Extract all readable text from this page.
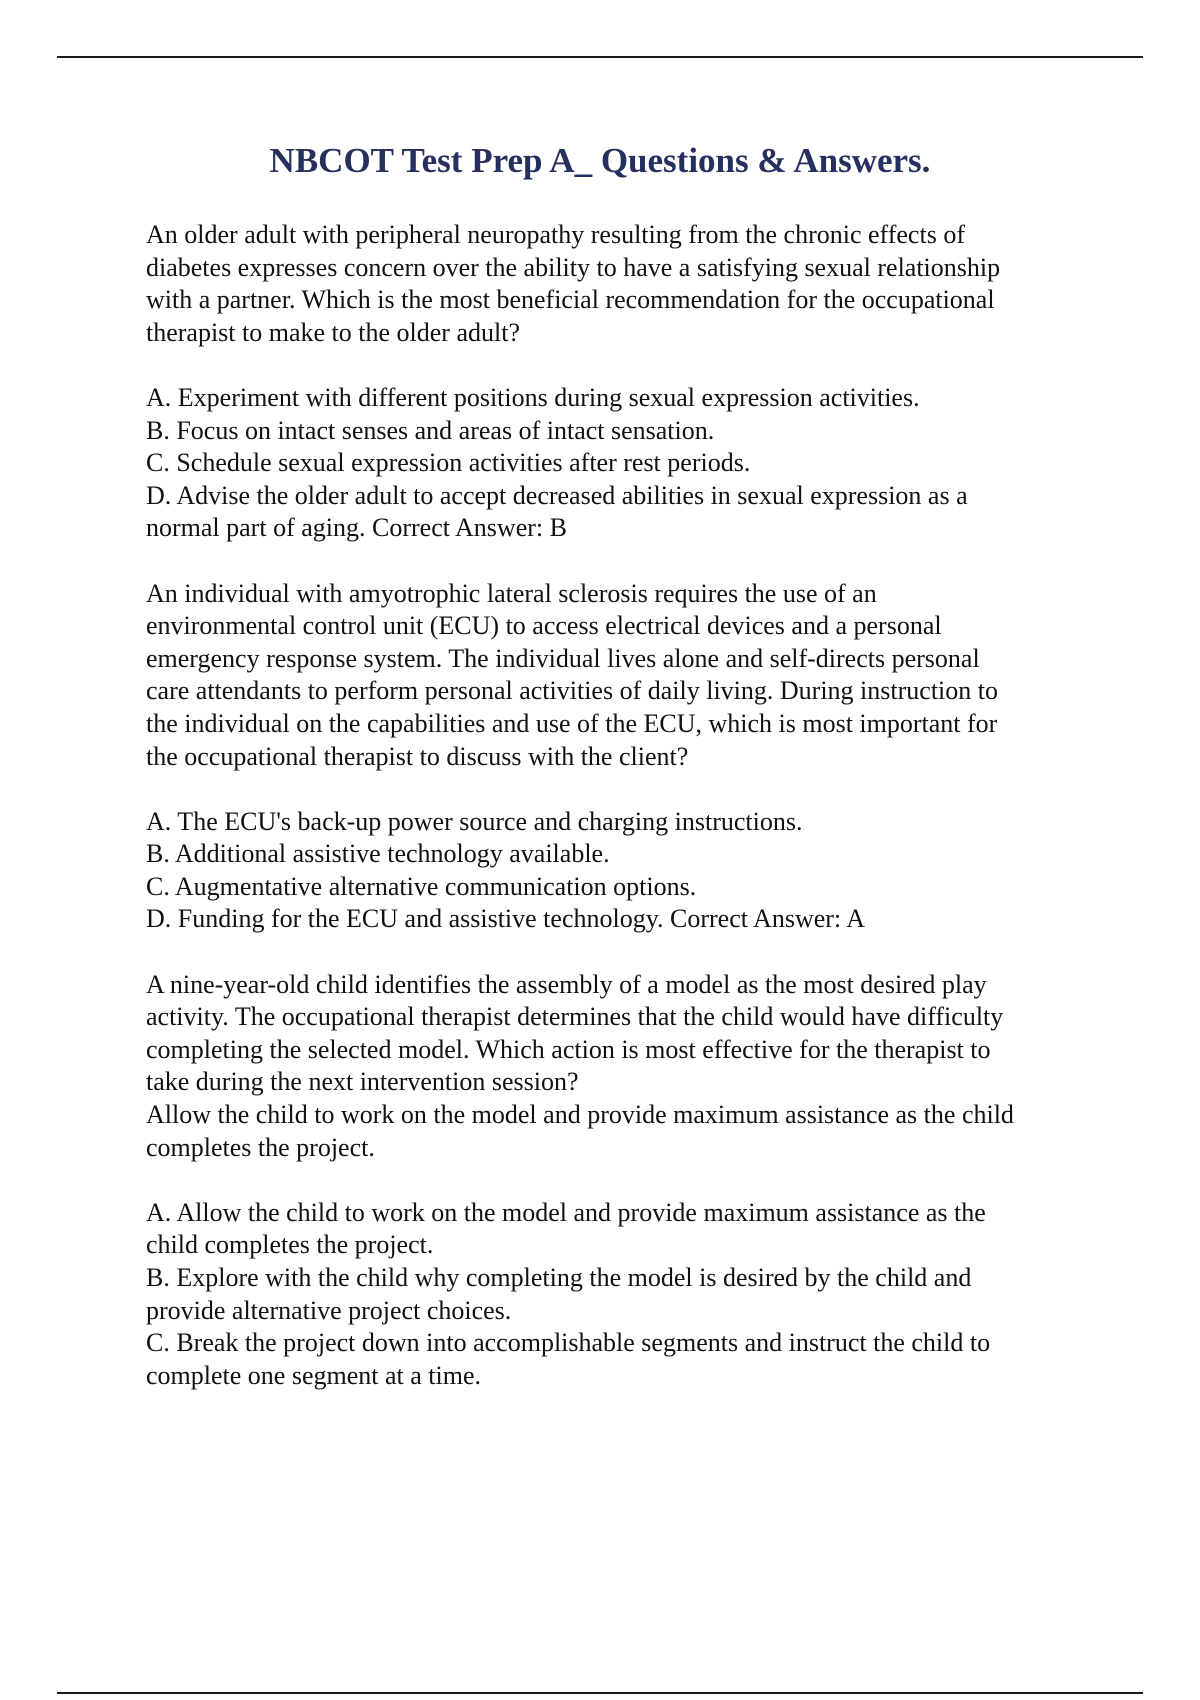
NBCOT Test Prep A_ Questions & Answers.

An older adult with peripheral neuropathy resulting from the chronic effects of
diabetes expresses concern over the ability to have a satisfying sexual relationship
with a partner. Which is the most beneficial recommendation for the occupational
therapist to make to the older adult?

A. Experiment with different positions during sexual expression activities.

B. Focus on intact senses and areas of intact sensation.

C. Schedule sexual expression activities after rest periods.

D. Advise the older adult to accept decreased abilities in sexual expression as a
normal part of aging. Correct Answer: B

An individual with amyotrophic lateral sclerosis requires the use of an
environmental control unit (ECU) to access electrical devices and a personal
emergency response system. The individual lives alone and self-directs personal
care attendants to perform personal activities of daily living. During instruction to
the individual on the capabilities and use of the ECU, which is most important for
the occupational therapist to discuss with the client?

A. The ECU's back-up power source and charging instructions.

B. Additional assistive technology available.

C. Augmentative alternative communication options.

D. Funding for the ECU and assistive technology. Correct Answer: A

A nine-year-old child identifies the assembly of a model as the most desired play
activity. The occupational therapist determines that the child would have difficulty
completing the selected model. Which action is most effective for the therapist to
take during the next intervention session?
Allow the child to work on the model and provide maximum assistance as the child
completes the project.

A. Allow the child to work on the model and provide maximum assistance as the
child completes the project.

B. Explore with the child why completing the model is desired by the child and
provide alternative project choices.

C. Break the project down into accomplishable segments and instruct the child to
complete one segment at a time.
